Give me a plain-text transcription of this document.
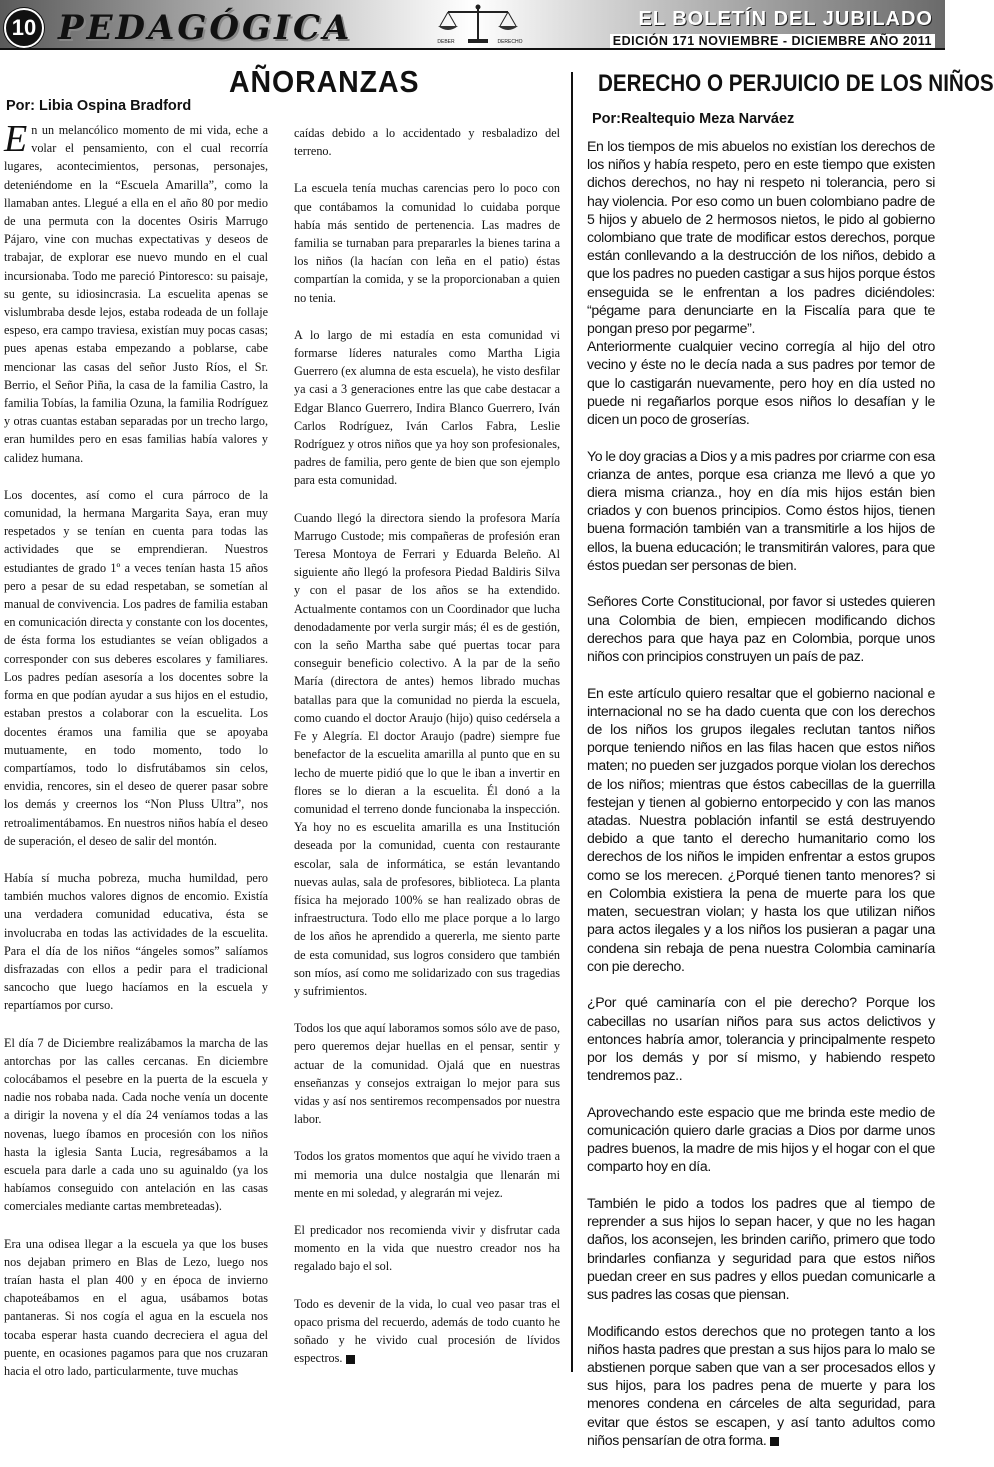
10 PEDAGÓGICA	DEBER	DERECHO
EL BOLETÍN DEL JUBILADO
EDICIÓN 171 NOVIEMBRE - DICIEMBRE AÑO 2011
AÑORANZAS
Por: Libia Ospina Bradford

En un melancólico momento de mi vida, eche a volar el pensamiento, con el cual recorría lugares, acontecimientos, personas, personajes, deteniéndome en la “Escuela Amarilla”, como la llamaban antes. Llegué a ella en el año 80 por medio de una permuta con la docentes Osiris Marrugo Pájaro, vine con muchas expectativas y deseos de trabajar, de explorar ese nuevo mundo en el cual incursionaba. Todo me pareció Pintoresco: su paisaje, su gente, su idiosincrasia. La escuelita apenas se vislumbraba desde lejos, estaba rodeada de un follaje espeso, era campo traviesa, existían muy pocas casas; pues apenas estaba empezando a poblarse, cabe mencionar las casas del señor Justo Ríos, el Sr. Berrio, el Señor Piña, la casa de la familia Castro, la familia Tobías, la familia Ozuna, la familia Rodríguez y otras cuantas estaban separadas por un trecho largo, eran humildes pero en esas familias había valores y calidez humana.

Los docentes, así como el cura párroco de la comunidad, la hermana Margarita Saya, eran muy respetados y se tenían en cuenta para todas las actividades que se emprendieran. Nuestros estudiantes de grado 1º a veces tenían hasta 15 años pero a pesar de su edad respetaban, se sometían al manual de convivencia. Los padres de familia estaban en comunicación directa y constante con los docentes, de ésta forma los estudiantes se veían obligados a corresponder con sus deberes escolares y familiares. Los padres pedían asesoría a los docentes sobre la forma en que podían ayudar a sus hijos en el estudio, estaban prestos a colaborar con la escuelita. Los docentes éramos una familia que se apoyaba mutuamente, en todo momento, todo lo compartíamos, todo lo disfrutábamos sin celos, envidia, rencores, sin el deseo de querer pasar sobre los demás y creernos los “Non Pluss Ultra”, nos retroalimentábamos. En nuestros niños había el deseo de superación, el deseo de salir del montón.

Había sí mucha pobreza, mucha humildad, pero también muchos valores dignos de encomio. Existía una verdadera comunidad educativa, ésta se involucraba en todas las actividades de la escuelita. Para el día de los niños “ángeles somos” salíamos disfrazadas con ellos a pedir para el tradicional sancocho que luego hacíamos en la escuela y repartíamos por curso.

El día 7 de Diciembre realizábamos la marcha de las antorchas por las calles cercanas. En diciembre colocábamos el pesebre en la puerta de la escuela y nadie nos robaba nada. Cada noche venía un docente a dirigir la novena y el día 24 veníamos todas a las novenas, luego íbamos en procesión con los niños hasta la iglesia Santa Lucia, regresábamos a la escuela para darle a cada uno su aguinaldo (ya los habíamos conseguido con antelación en las casas comerciales mediante cartas membreteadas).

Era una odisea llegar a la escuela ya que los buses nos dejaban primero en Blas de Lezo, luego nos traían hasta el plan 400 y en época de invierno chapoteábamos en el agua, usábamos botas pantaneras. Si nos cogía el agua en la escuela nos tocaba esperar hasta cuando decreciera el agua del puente, en ocasiones pagamos para que nos cruzaran hacia el otro lado, particularmente, tuve muchas

caídas debido a lo accidentado y resbaladizo del terreno.

La escuela tenía muchas carencias pero lo poco con que contábamos la comunidad lo cuidaba porque había más sentido de pertenencia. Las madres de familia se turnaban para prepararles la bienes tarina a los niños (la hacían con leña en el patio) éstas compartían la comida, y se la proporcionaban a quien no tenia.

A lo largo de mi estadía en esta comunidad vi formarse líderes naturales como Martha Ligia Guerrero (ex alumna de esta escuela), he visto desfilar ya casi a 3 generaciones entre las que cabe destacar a Edgar Blanco Guerrero, Indira Blanco Guerrero, Iván Carlos Rodríguez, Iván Carlos Fabra, Leslie Rodríguez y otros niños que ya hoy son profesionales, padres de familia, pero gente de bien que son ejemplo para esta comunidad.

Cuando llegó la directora siendo la profesora María Marrugo Custode; mis compañeras de profesión eran Teresa Montoya de Ferrari y Eduarda Beleño. Al siguiente año llegó la profesora Piedad Baldiris Silva y con el pasar de los años se ha extendido. Actualmente contamos con un Coordinador que lucha denodadamente por verla surgir más; él es de gestión, con la seño Martha sabe qué puertas tocar para conseguir beneficio colectivo. A la par de la seño María (directora de antes) hemos librado muchas batallas para que la comunidad no pierda la escuela, como cuando el doctor Araujo (hijo) quiso cedérsela a Fe y Alegría. El doctor Araujo (padre) siempre fue benefactor de la escuelita amarilla al punto que en su lecho de muerte pidió que lo que le iban a invertir en flores se lo dieran a la escuelita. Él donó a la comunidad el terreno donde funcionaba la inspección. Ya hoy no es escuelita amarilla es una Institución deseada por la comunidad, cuenta con restaurante escolar, sala de informática, se están levantando nuevas aulas, sala de profesores, biblioteca. La planta física ha mejorado 100% se han realizado obras de infraestructura. Todo ello me place porque a lo largo de los años he aprendido a quererla, me siento parte de esta comunidad, sus logros considero que también son míos, así como me solidarizado con sus tragedias y sufrimientos.

Todos los que aquí laboramos somos sólo ave de paso, pero queremos dejar huellas en el pensar, sentir y actuar de la comunidad. Ojalá que en nuestras enseñanzas y consejos extraigan lo mejor para sus vidas y así nos sentiremos recompensados por nuestra labor.

Todos los gratos momentos que aquí he vivido traen a mi memoria una dulce nostalgia que llenarán mi mente en mi soledad, y alegrarán mi vejez.

El predicador nos recomienda vivir y disfrutar cada momento en la vida que nuestro creador nos ha regalado bajo el sol.

Todo es devenir de la vida, lo cual veo pasar tras el opaco prisma del recuerdo, además de todo cuanto he soñado y he vivido cual procesión de lívidos espectros.

DERECHO O PERJUICIO DE LOS NIÑOS
Por:Realtequio Meza Narváez
En los tiempos de mis abuelos no existían los derechos de los niños y había respeto, pero en este tiempo que existen dichos derechos, no hay ni respeto ni tolerancia, pero si hay violencia. Por eso como un buen colombiano padre de 5 hijos y abuelo de 2 hermosos nietos, le pido al gobierno colombiano que trate de modificar estos derechos, porque están conllevando a la destrucción de los niños, debido a que los padres no pueden castigar a sus hijos porque éstos enseguida se le enfrentan a los padres diciéndoles: “pégame para denunciarte en la Fiscalía para que te pongan preso por pegarme”.

Anteriormente cualquier vecino corregía al hijo del otro vecino y éste no le decía nada a sus padres por temor de que lo castigarán nuevamente, pero hoy en día usted no puede ni regañarlos porque esos niños lo desafían y le dicen un poco de groserías.

Yo le doy gracias a Dios y a mis padres por criarme con esa crianza de antes, porque esa crianza me llevó a que yo diera misma crianza., hoy en día mis hijos están bien criados y con buenos principios. Como éstos hijos, tienen buena formación también van a transmitirle a los hijos de ellos, la buena educación; le transmitirán valores, para que éstos puedan ser personas de bien.

Señores Corte Constitucional, por favor si ustedes quieren una Colombia de bien, empiecen modificando dichos derechos para que haya paz en Colombia, porque unos niños con principios construyen un país de paz.

En este artículo quiero resaltar que el gobierno nacional e internacional no se ha dado cuenta que con los derechos de los niños los grupos ilegales reclutan tantos niños porque teniendo niños en las filas hacen que estos niños maten; no pueden ser juzgados porque violan los derechos de los niños; mientras que éstos cabecillas de la guerrilla festejan y tienen al gobierno entorpecido y con las manos atadas. Nuestra población infantil se está destruyendo debido a que tanto el derecho humanitario como los derechos de los niños le impiden enfrentar a estos grupos como se los merecen. ¿Porqué tienen tanto menores? si en Colombia existiera la pena de muerte para los que maten, secuestran violan; y hasta los que utilizan niños para actos ilegales y a los niños los pusieran a pagar una condena sin rebaja de pena nuestra Colombia caminaría con pie derecho.

¿Por qué caminaría con el pie derecho? Porque los cabecillas no usarían niños para sus actos delictivos y entonces habría amor, tolerancia y principalmente respeto por los demás y por sí mismo, y habiendo respeto tendremos paz..

Aprovechando este espacio que me brinda este medio de comunicación quiero darle gracias a Dios por darme unos padres buenos, la madre de mis hijos y el hogar con el que comparto hoy en día.

También le pido a todos los padres que al tiempo de reprender a sus hijos lo sepan hacer, y que no les hagan daños, los aconsejen, les brinden cariño, primero que todo brindarles confianza y seguridad para que estos niños puedan creer en sus padres y ellos puedan comunicarle a sus padres las cosas que piensan.

Modificando estos derechos que no protegen tanto a los niños hasta padres que prestan a sus hijos para lo malo se abstienen porque saben que van a ser procesados ellos y sus hijos, para los padres pena de muerte y para los menores condena en cárceles de alta seguridad, para evitar que éstos se escapen, y así tanto adultos como niños pensarían de otra forma.
